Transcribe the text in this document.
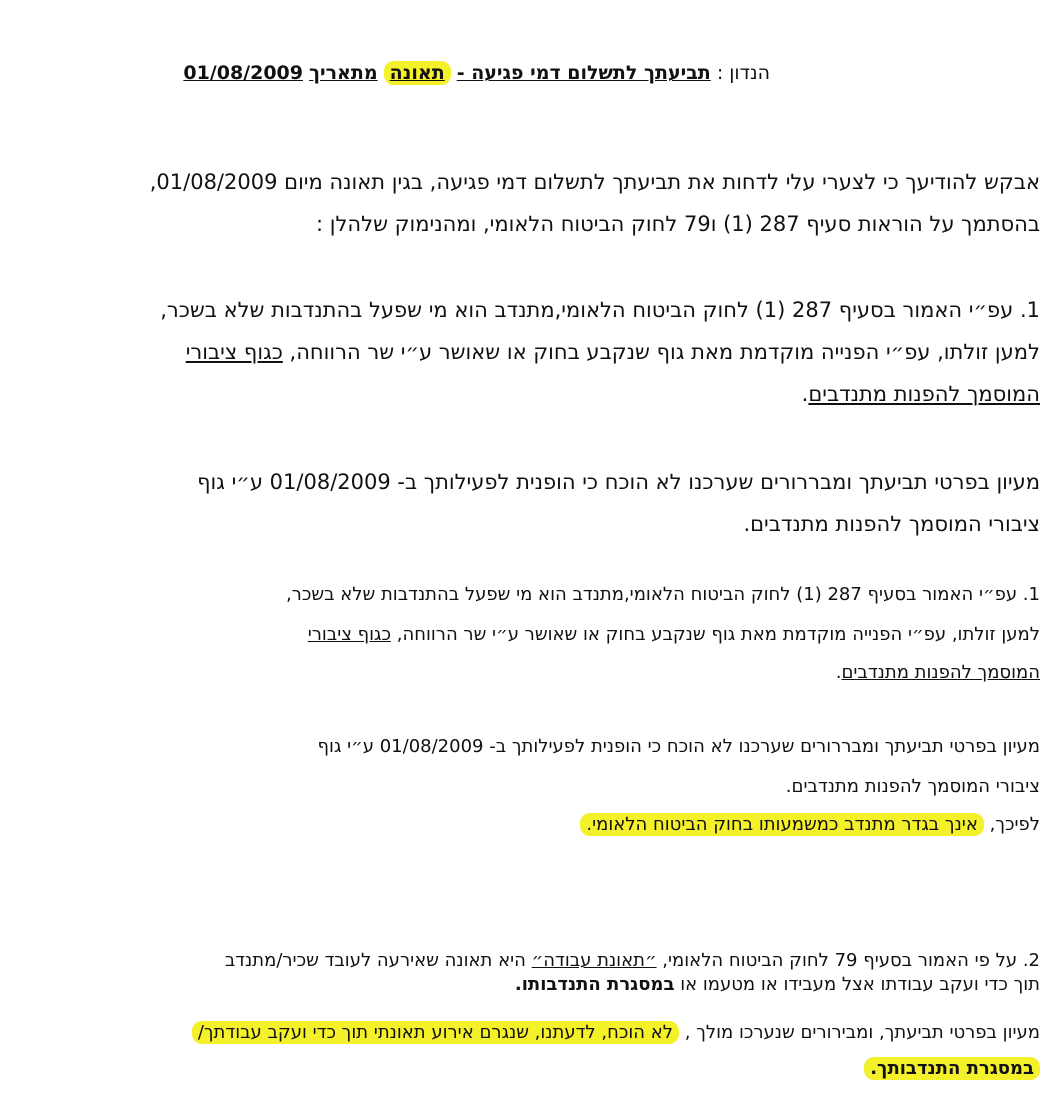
הנדון : תביעתך לתשלום דמי פגיעה - תאונה מתאריך 01/08/2009
אבקש להודיעך כי לצערי עלי לדחות את תביעתך לתשלום דמי פגיעה, בגין תאונה מיום 01/08/2009,
בהסתמך על הוראות סעיף 287 (1) ו79 לחוק הביטוח הלאומי, ומהנימוק שלהלן :
1. עפ״י האמור בסעיף 287 (1) לחוק הביטוח הלאומי,מתנדב הוא מי שפעל בהתנדבות שלא בשכר,
למען זולתו, עפ״י הפנייה מוקדמת מאת גוף שנקבע בחוק או שאושר ע״י שר הרווחה, כגוף ציבורי
המוסמך להפנות מתנדבים.
מעיון בפרטי תביעתך ומבררורים שערכנו לא הוכח כי הופנית לפעילותך ב- 01/08/2009 ע״י גוף
ציבורי המוסמך להפנות מתנדבים.
1. עפ״י האמור בסעיף 287 (1) לחוק הביטוח הלאומי,מתנדב הוא מי שפעל בהתנדבות שלא בשכר,
למען זולתו, עפ״י הפנייה מוקדמת מאת גוף שנקבע בחוק או שאושר ע״י שר הרווחה, כגוף ציבורי
המוסמך להפנות מתנדבים.
מעיון בפרטי תביעתך ומבררורים שערכנו לא הוכח כי הופנית לפעילותך ב- 01/08/2009 ע״י גוף
ציבורי המוסמך להפנות מתנדבים.
לפיכך, אינך בגדר מתנדב כמשמעותו בחוק הביטוח הלאומי.
2. על פי האמור בסעיף 79 לחוק הביטוח הלאומי, ״תאונת עבודה״ היא תאונה שאירעה לעובד שכיר/מתנדב
תוך כדי ועקב עבודתו אצל מעבידו או מטעמו או במסגרת התנדבותו.
מעיון בפרטי תביעתך, ומבירורים שנערכו מולך , לא הוכח, לדעתנו, שנגרם אירוע תאונתי תוך כדי ועקב עבודתך/
במסגרת התנדבותך.
